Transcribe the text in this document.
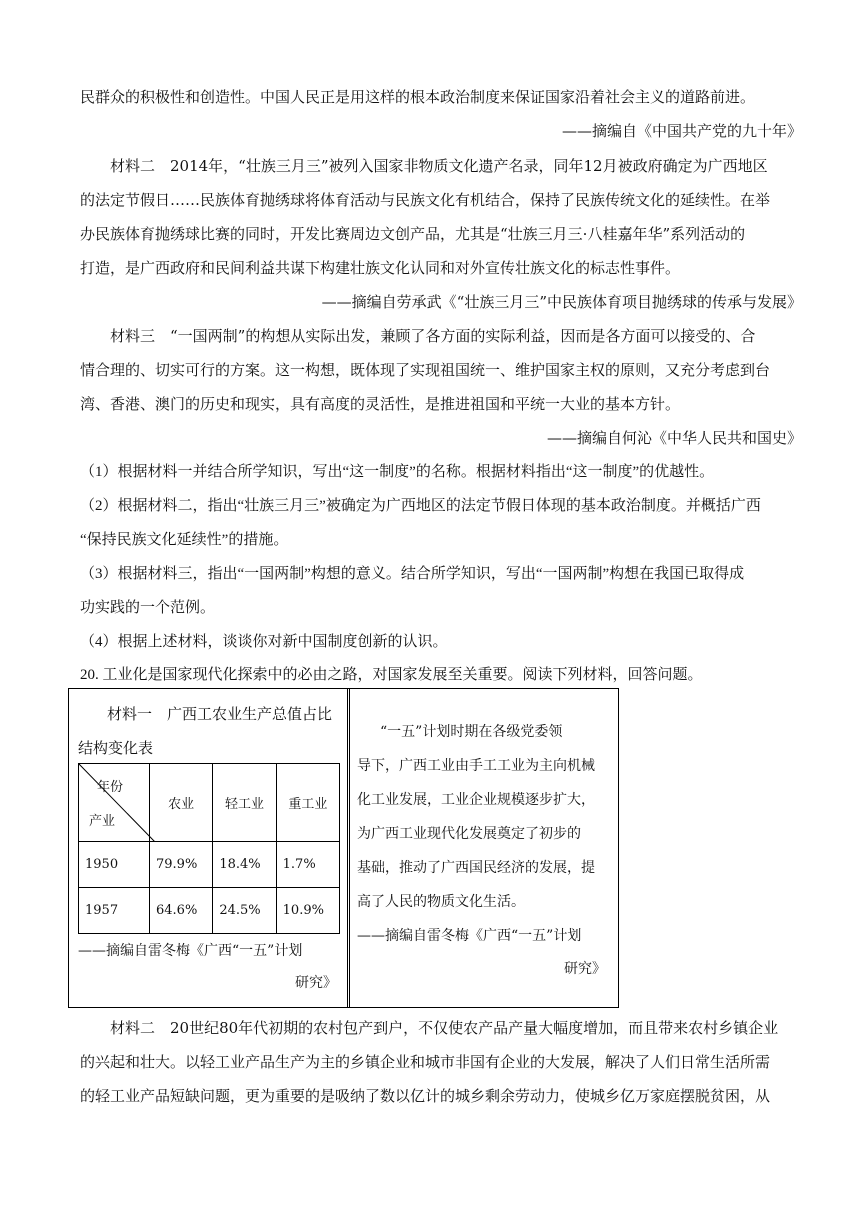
民群众的积极性和创造性。中国人民正是用这样的根本政治制度来保证国家沿着社会主义的道路前进。
——摘编自《中国共产党的九十年》
材料二　2014年，“壮族三月三”被列入国家非物质文化遗产名录，同年12月被政府确定为广西地区
的法定节假日……民族体育抛绣球将体育活动与民族文化有机结合，保持了民族传统文化的延续性。在举
办民族体育抛绣球比赛的同时，开发比赛周边文创产品，尤其是“壮族三月三·八桂嘉年华”系列活动的
打造，是广西政府和民间利益共谋下构建壮族文化认同和对外宣传壮族文化的标志性事件。
——摘编自劳承武《“壮族三月三”中民族体育项目抛绣球的传承与发展》
材料三　“一国两制”的构想从实际出发，兼顾了各方面的实际利益，因而是各方面可以接受的、合
情合理的、切实可行的方案。这一构想，既体现了实现祖国统一、维护国家主权的原则，又充分考虑到台
湾、香港、澳门的历史和现实，具有高度的灵活性，是推进祖国和平统一大业的基本方针。
——摘编自何沁《中华人民共和国史》
（1）根据材料一并结合所学知识，写出“这一制度”的名称。根据材料指出“这一制度”的优越性。
（2）根据材料二，指出“壮族三月三”被确定为广西地区的法定节假日体现的基本政治制度。并概括广西
“保持民族文化延续性”的措施。
（3）根据材料三，指出“一国两制”构想的意义。结合所学知识，写出“一国两制”构想在我国已取得成
功实践的一个范例。
（4）根据上述材料，谈谈你对新中国制度创新的认识。
20. 工业化是国家现代化探索中的必由之路，对国家发展至关重要。阅读下列材料，回答问题。
材料一　广西工农业生产总值占比
结构变化表
年份
产业	农业	轻工业	重工业
1950	79.9%	18.4%	1.7%
1957	64.6%	24.5%	10.9%
——摘编自雷冬梅《广西“一五”计划
研究》
“一五”计划时期在各级党委领
导下，广西工业由手工工业为主向机械
化工业发展，工业企业规模逐步扩大，
为广西工业现代化发展奠定了初步的
基础，推动了广西国民经济的发展，提
高了人民的物质文化生活。
——摘编自雷冬梅《广西“一五”计划
研究》
材料二　20世纪80年代初期的农村包产到户，不仅使农产品产量大幅度增加，而且带来农村乡镇企业
的兴起和壮大。以轻工业产品生产为主的乡镇企业和城市非国有企业的大发展，解决了人们日常生活所需
的轻工业产品短缺问题，更为重要的是吸纳了数以亿计的城乡剩余劳动力，使城乡亿万家庭摆脱贫困，从
